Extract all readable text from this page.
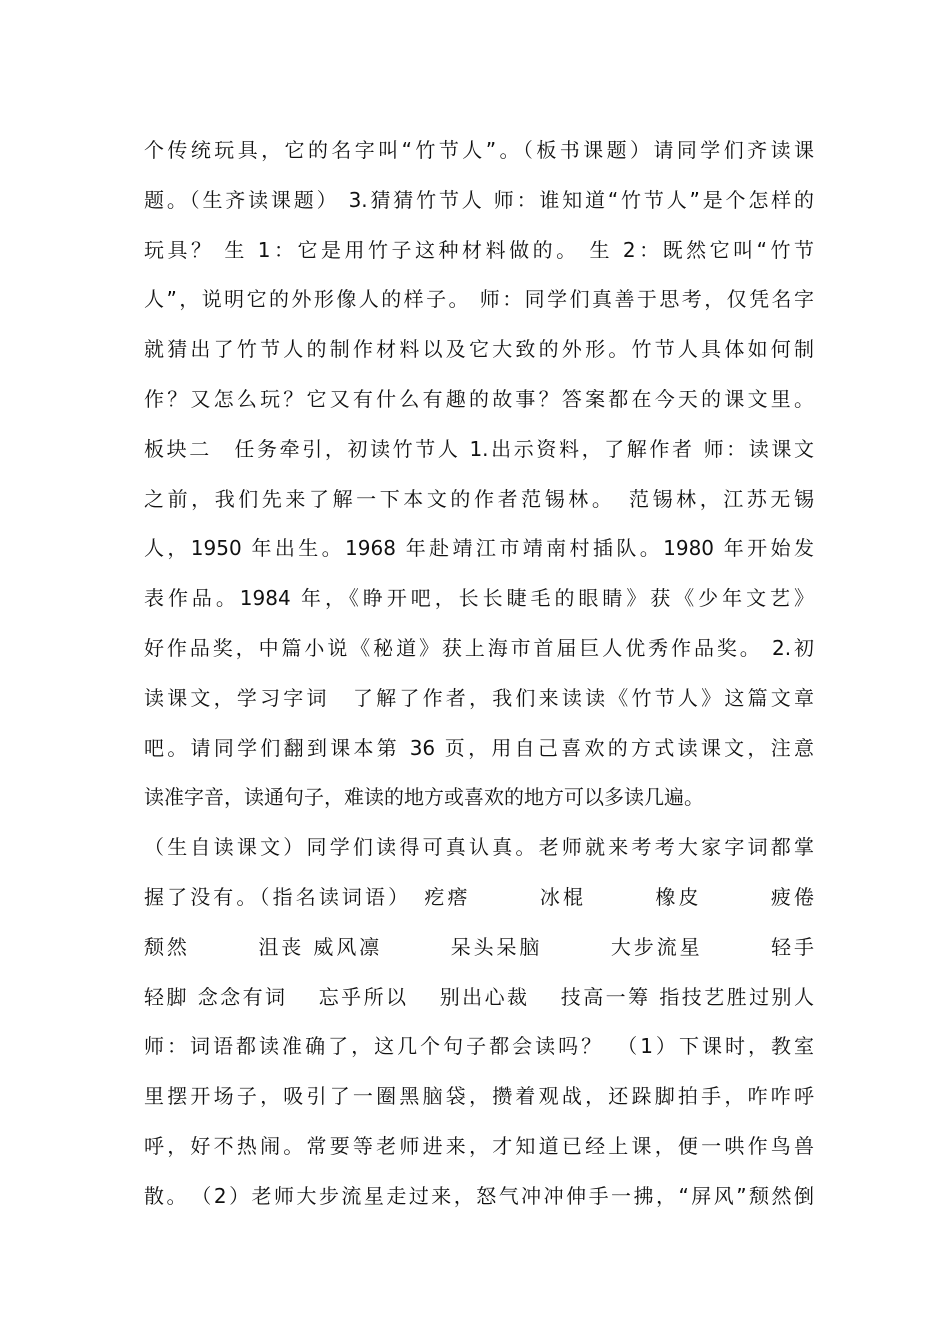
个传统玩具，它的名字叫“竹节人”。（板书课题）请同学们齐读课
题。（生齐读课题） 3.猜猜竹节人 师：谁知道“竹节人”是个怎样的
玩具？ 生 1：它是用竹子这种材料做的。 生 2：既然它叫“竹节
人”，说明它的外形像人的样子。 师：同学们真善于思考，仅凭名字
就猜出了竹节人的制作材料以及它大致的外形。竹节人具体如何制
作？又怎么玩？它又有什么有趣的故事？答案都在今天的课文里。
板块二　任务牵引，初读竹节人 1.出示资料，了解作者 师：读课文
之前，我们先来了解一下本文的作者范锡林。　范锡林，江苏无锡
人，1950 年出生。1968 年赴靖江市靖南村插队。1980 年开始发
表作品。1984 年，《睁开吧，长长睫毛的眼睛》获《少年文艺》
好作品奖，中篇小说《秘道》获上海市首届巨人优秀作品奖。 2.初
读课文，学习字词　了解了作者，我们来读读《竹节人》这篇文章
吧。请同学们翻到课本第 36 页，用自己喜欢的方式读课文，注意
读准字音，读通句子，难读的地方或喜欢的地方可以多读几遍。
（生自读课文）同学们读得可真认真。老师就来考考大家字词都掌
握了没有。（指名读词语）　疙瘩　　　冰棍　　　橡皮　　　疲倦
颓然　　　沮丧 威风凛　　　呆头呆脑　　　大步流星　　　轻手
轻脚 念念有词　 忘乎所以　 别出心裁　 技高一筹 指技艺胜过别人
师：词语都读准确了，这几个句子都会读吗？　（1）下课时，教室
里摆开场子，吸引了一圈黑脑袋，攒着观战，还跺脚拍手，咋咋呼
呼，好不热闹。常要等老师进来，才知道已经上课，便一哄作鸟兽
散。　（2）老师大步流星走过来，怒气冲冲伸手一拂，“屏风”颓然倒
